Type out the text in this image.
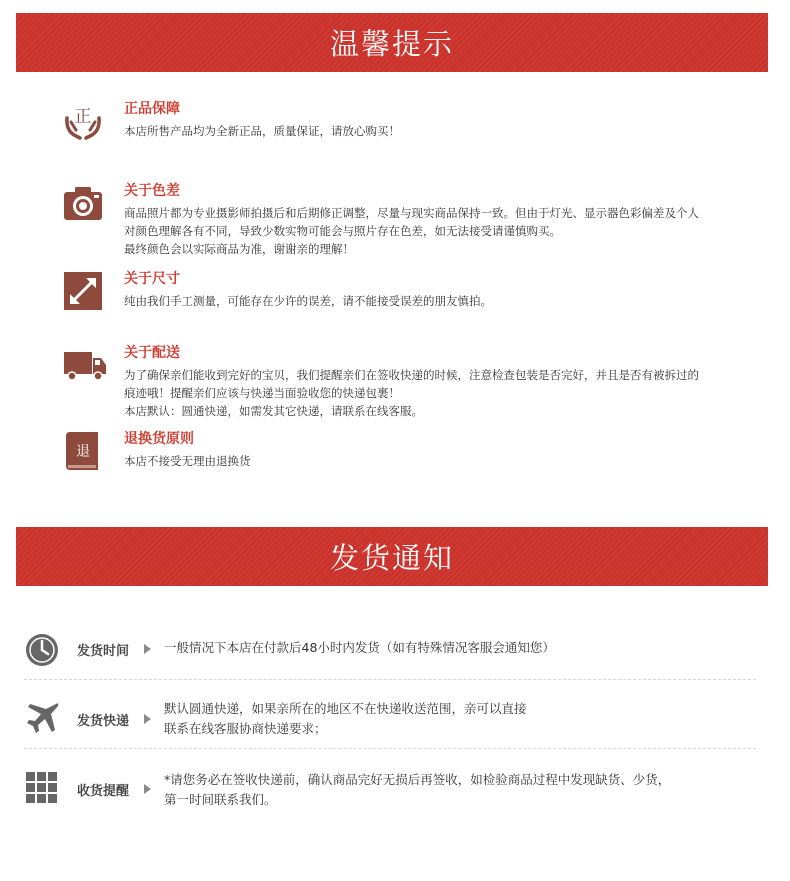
温馨提示
正 正品保障
本店所售产品均为全新正品，质量保证，请放心购买！
关于色差
商品照片都为专业摄影师拍摄后和后期修正调整，尽量与现实商品保持一致。但由于灯光、显示器色彩偏差及个人
对颜色理解各有不同，导致少数实物可能会与照片存在色差，如无法接受请谨慎购买。
最终颜色会以实际商品为准，谢谢亲的理解！
关于尺寸
纯由我们手工测量，可能存在少许的误差，请不能接受误差的朋友慎拍。
关于配送
为了确保亲们能收到完好的宝贝，我们提醒亲们在签收快递的时候，注意检查包装是否完好，并且是否有被拆过的
痕迹哦！提醒亲们应该与快递当面验收您的快递包裹！
本店默认：圆通快递，如需发其它快递，请联系在线客服。
退
退换货原则
本店不接受无理由退换货
发货通知
发货时间	一般情况下本店在付款后48小时内发货（如有特殊情况客服会通知您）
发货快递
默认圆通快递，如果亲所在的地区不在快递收送范围，亲可以直接
联系在线客服协商快递要求；
收货提醒
*请您务必在签收快递前，确认商品完好无损后再签收，如检验商品过程中发现缺货、少货，
第一时间联系我们。
